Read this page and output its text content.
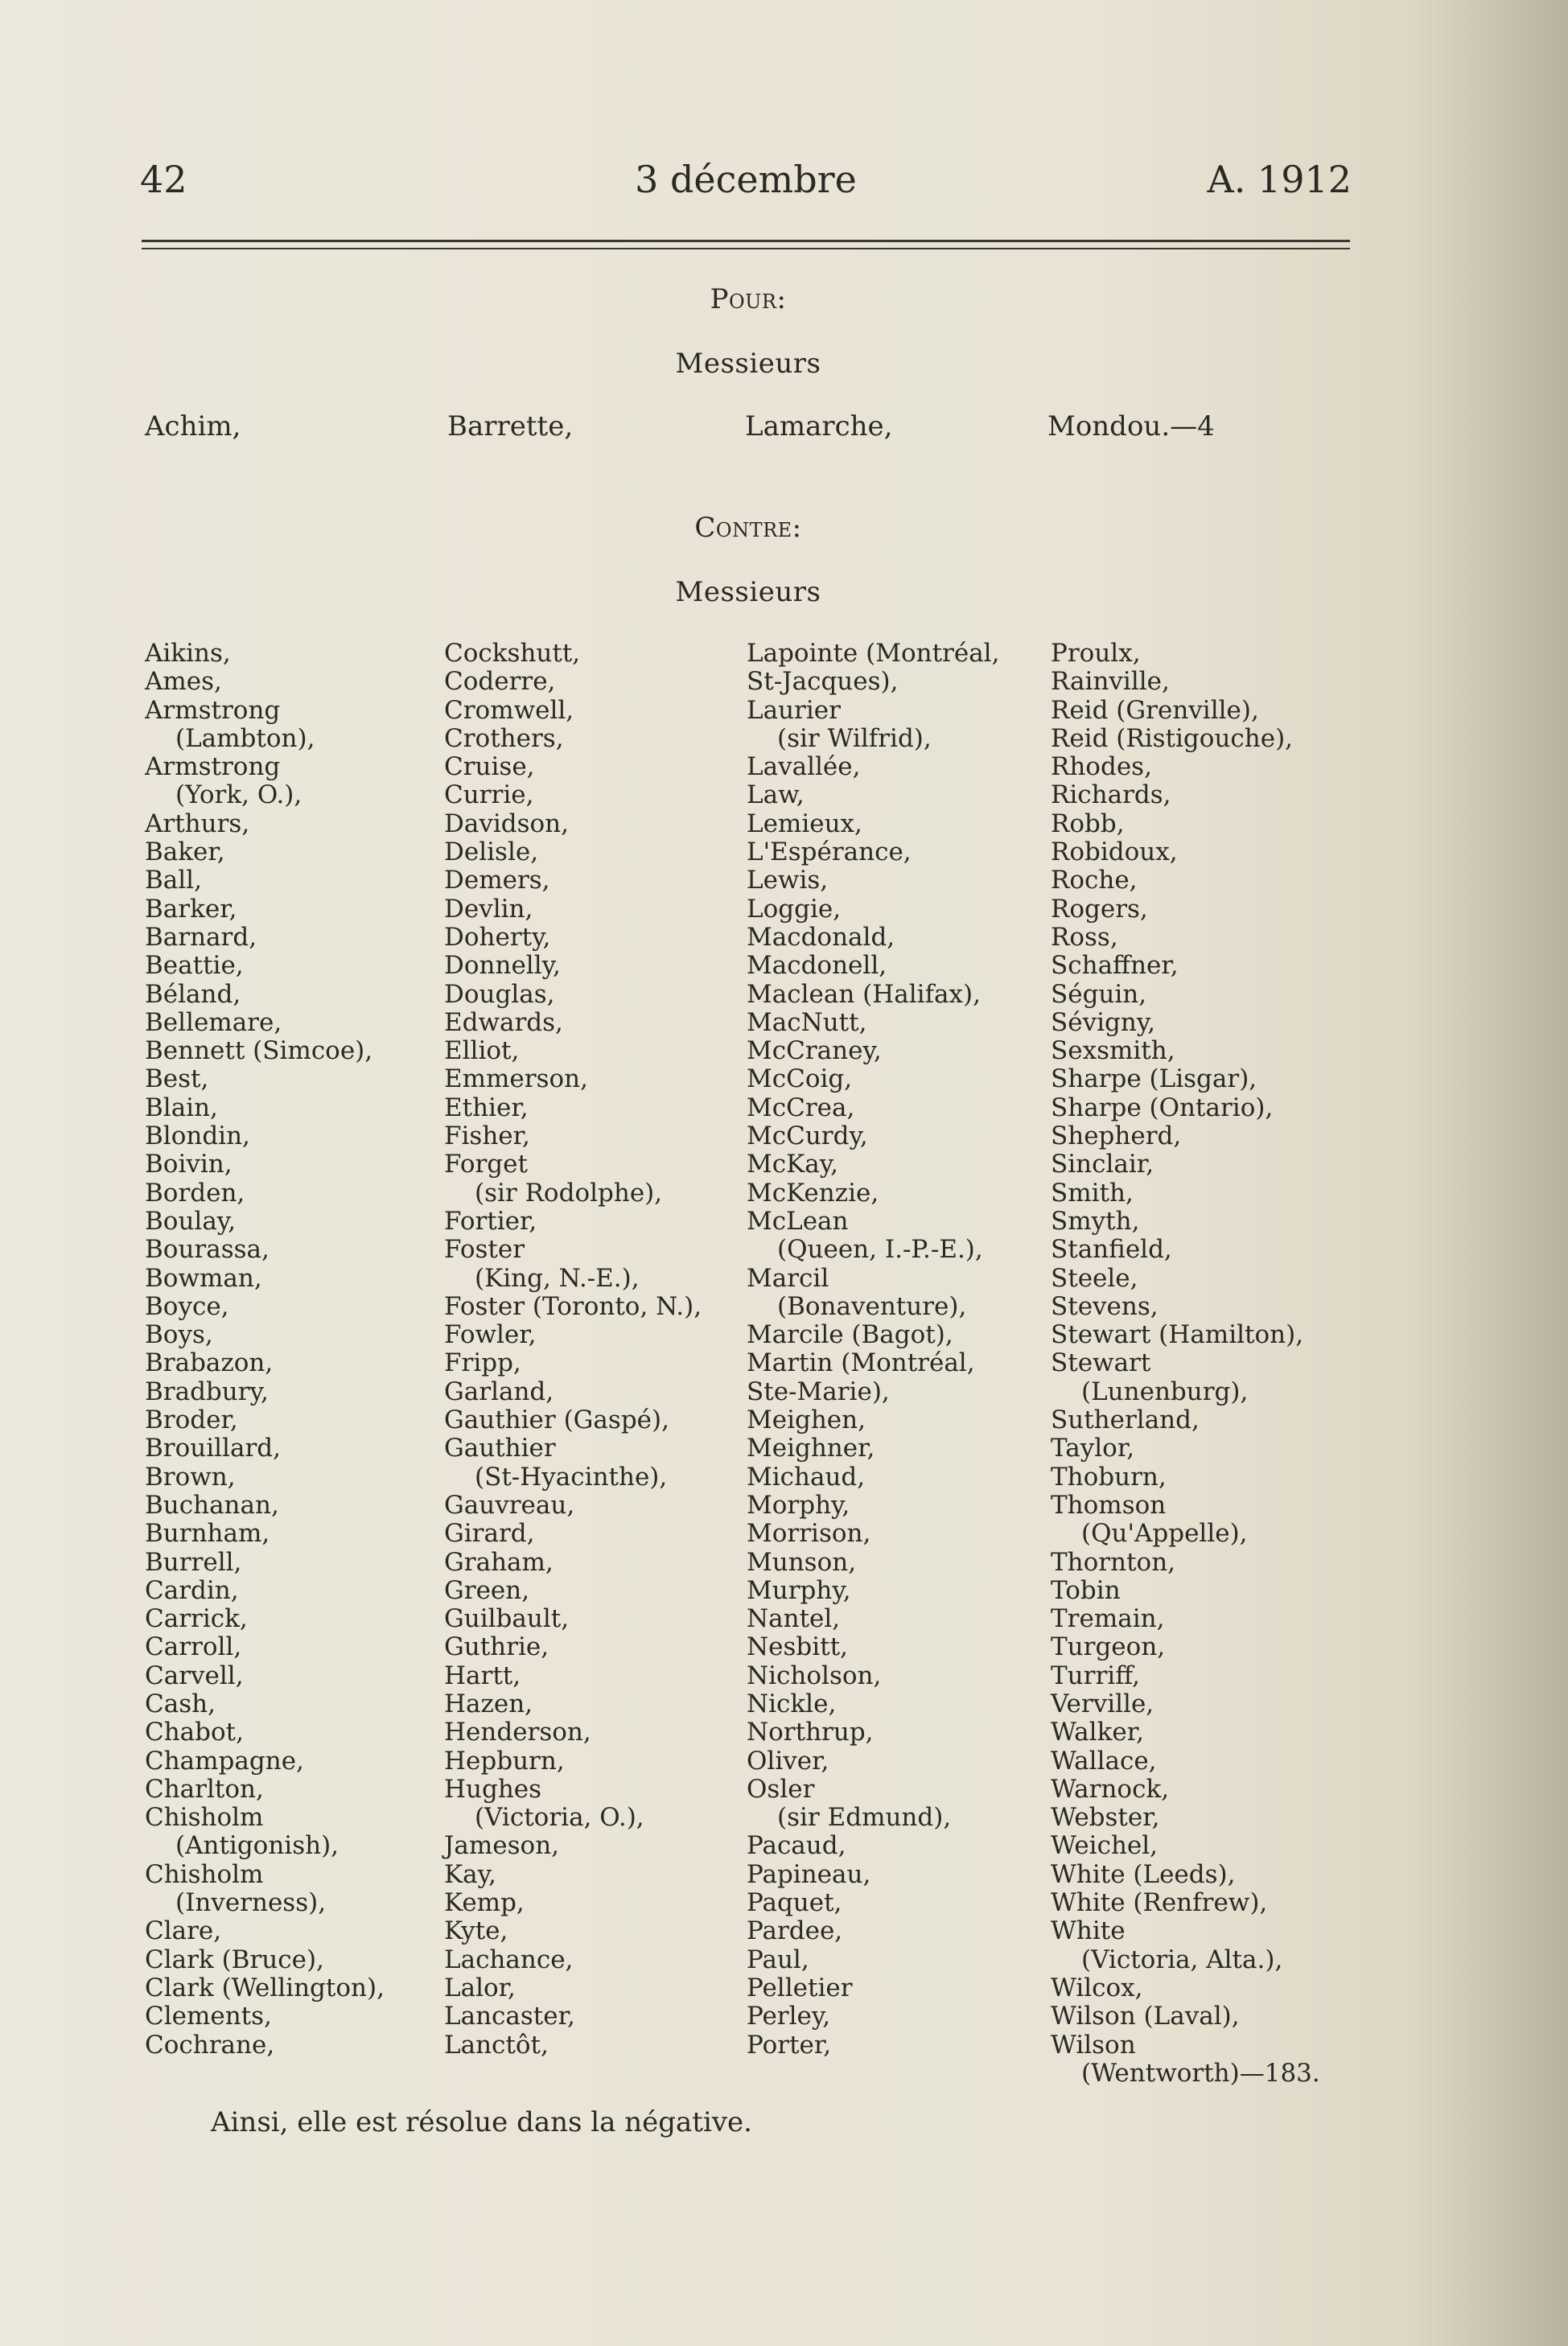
42	3 décembre	A. 1912
Pour:
Messieurs
Achim,	Barrette,	Lamarche,	Mondou.—4
Contre:
Messieurs
Aikins,
Ames,
Armstrong
(Lambton),
Armstrong
(York, O.),
Arthurs,
Baker,
Ball,
Barker,
Barnard,
Beattie,
Béland,
Bellemare,
Bennett (Simcoe),
Best,
Blain,
Blondin,
Boivin,
Borden,
Boulay,
Bourassa,
Bowman,
Boyce,
Boys,
Brabazon,
Bradbury,
Broder,
Brouillard,
Brown,
Buchanan,
Burnham,
Burrell,
Cardin,
Carrick,
Carroll,
Carvell,
Cash,
Chabot,
Champagne,
Charlton,
Chisholm
(Antigonish),
Chisholm
(Inverness),
Clare,
Clark (Bruce),
Clark (Wellington),
Clements,
Cochrane,
Cockshutt,
Coderre,
Cromwell,
Crothers,
Cruise,
Currie,
Davidson,
Delisle,
Demers,
Devlin,
Doherty,
Donnelly,
Douglas,
Edwards,
Elliot,
Emmerson,
Ethier,
Fisher,
Forget
(sir Rodolphe),
Fortier,
Foster
(King, N.-E.),
Foster (Toronto, N.),
Fowler,
Fripp,
Garland,
Gauthier (Gaspé),
Gauthier
(St-Hyacinthe),
Gauvreau,
Girard,
Graham,
Green,
Guilbault,
Guthrie,
Hartt,
Hazen,
Henderson,
Hepburn,
Hughes
(Victoria, O.),
Jameson,
Kay,
Kemp,
Kyte,
Lachance,
Lalor,
Lancaster,
Lanctôt,
Lapointe (Montréal,
St-Jacques),
Laurier
(sir Wilfrid),
Lavallée,
Law,
Lemieux,
L'Espérance,
Lewis,
Loggie,
Macdonald,
Macdonell,
Maclean (Halifax),
MacNutt,
McCraney,
McCoig,
McCrea,
McCurdy,
McKay,
McKenzie,
McLean
(Queen, I.-P.-E.),
Marcil
(Bonaventure),
Marcile (Bagot),
Martin (Montréal,
Ste-Marie),
Meighen,
Meighner,
Michaud,
Morphy,
Morrison,
Munson,
Murphy,
Nantel,
Nesbitt,
Nicholson,
Nickle,
Northrup,
Oliver,
Osler
(sir Edmund),
Pacaud,
Papineau,
Paquet,
Pardee,
Paul,
Pelletier
Perley,
Porter,
Proulx,
Rainville,
Reid (Grenville),
Reid (Ristigouche),
Rhodes,
Richards,
Robb,
Robidoux,
Roche,
Rogers,
Ross,
Schaffner,
Séguin,
Sévigny,
Sexsmith,
Sharpe (Lisgar),
Sharpe (Ontario),
Shepherd,
Sinclair,
Smith,
Smyth,
Stanfield,
Steele,
Stevens,
Stewart (Hamilton),
Stewart
(Lunenburg),
Sutherland,
Taylor,
Thoburn,
Thomson
(Qu'Appelle),
Thornton,
Tobin
Tremain,
Turgeon,
Turriff,
Verville,
Walker,
Wallace,
Warnock,
Webster,
Weichel,
White (Leeds),
White (Renfrew),
White
(Victoria, Alta.),
Wilcox,
Wilson (Laval),
Wilson
(Wentworth)—183.
Ainsi, elle est résolue dans la négative.
